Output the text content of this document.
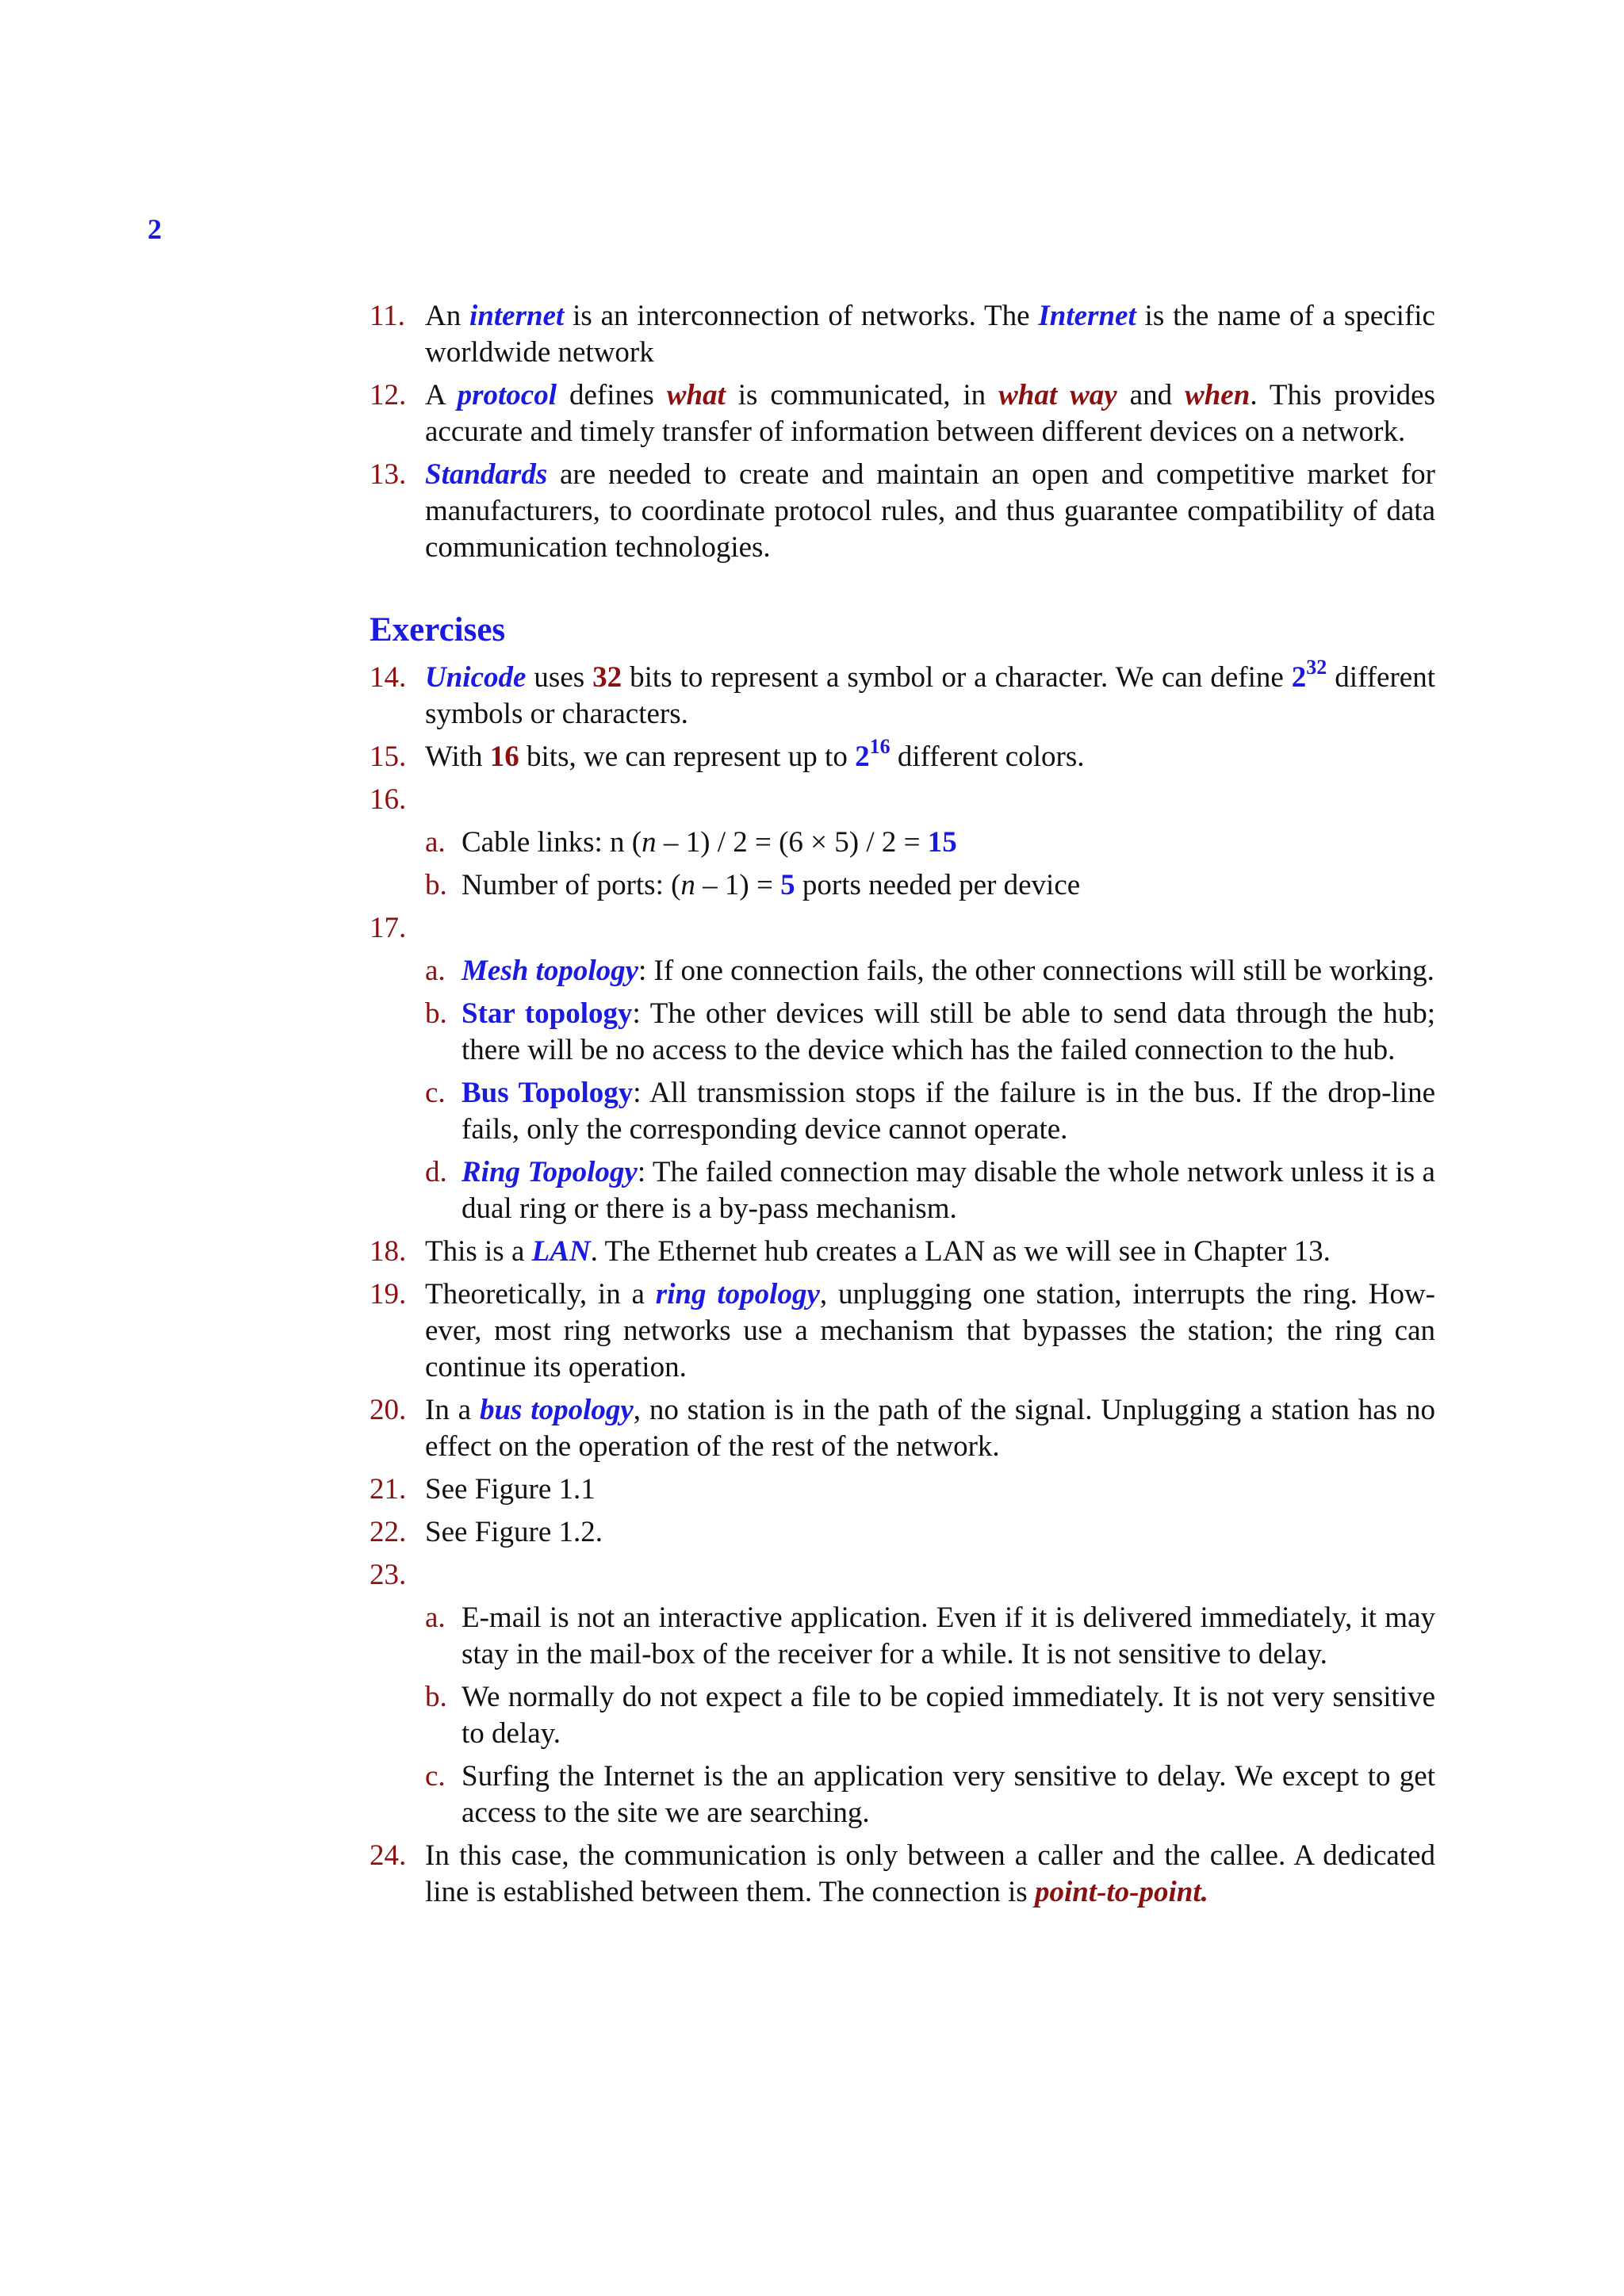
2
11. An internet is an interconnection of networks. The Internet is the name of a specific worldwide network
12. A protocol defines what is communicated, in what way and when. This provides accurate and timely transfer of information between different devices on a network.
13. Standards are needed to create and maintain an open and competitive market for manufacturers, to coordinate protocol rules, and thus guarantee compatibility of data communication technologies.
Exercises
14. Unicode uses 32 bits to represent a symbol or a character. We can define $2^{32}$ different symbols or characters.
15. With 16 bits, we can represent up to $2^{16}$ different colors.
16.

a. Cable links: n (n – 1) / 2 = (6 × 5) / 2 = 15
b. Number of ports: (n – 1) = 5 ports needed per device
17.

a. Mesh topology: If one connection fails, the other connections will still be working.
b. Star topology: The other devices will still be able to send data through the hub; there will be no access to the device which has the failed connection to the hub.
c. Bus Topology: All transmission stops if the failure is in the bus. If the drop-line fails, only the corresponding device cannot operate.
d. Ring Topology: The failed connection may disable the whole network unless it is a dual ring or there is a by-pass mechanism.
18. This is a LAN. The Ethernet hub creates a LAN as we will see in Chapter 13.
19. Theoretically, in a ring topology, unplugging one station, interrupts the ring. However, most ring networks use a mechanism that bypasses the station; the ring can continue its operation.
20. In a bus topology, no station is in the path of the signal. Unplugging a station has no effect on the operation of the rest of the network.
21. See Figure 1.1
22. See Figure 1.2.
23.

a. E-mail is not an interactive application. Even if it is delivered immediately, it may stay in the mail-box of the receiver for a while. It is not sensitive to delay.
b. We normally do not expect a file to be copied immediately. It is not very sensitive to delay.
c. Surfing the Internet is the an application very sensitive to delay. We except to get access to the site we are searching.
24. In this case, the communication is only between a caller and the callee. A dedicated line is established between them. The connection is point-to-point.
